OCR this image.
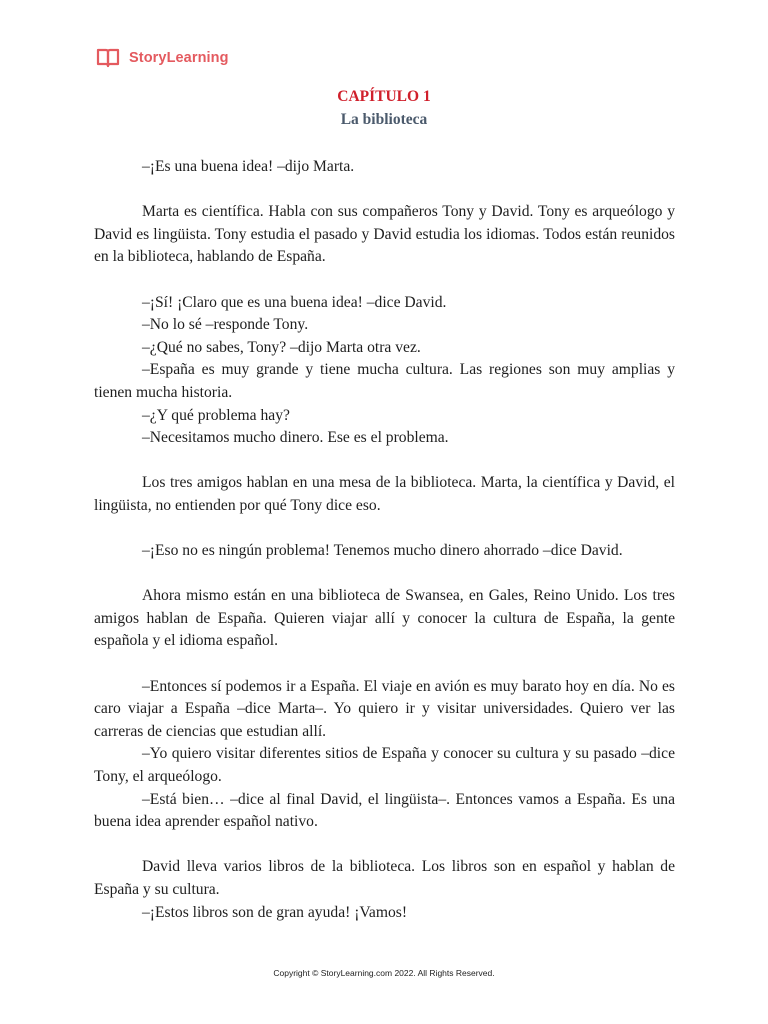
StoryLearning
CAPÍTULO 1
La biblioteca

–¡Es una buena idea! –dijo Marta.

Marta es científica. Habla con sus compañeros Tony y David. Tony es arqueólogo y David es lingüista. Tony estudia el pasado y David estudia los idiomas. Todos están reunidos en la biblioteca, hablando de España.

–¡Sí! ¡Claro que es una buena idea! –dice David.

–No lo sé –responde Tony.

–¿Qué no sabes, Tony? –dijo Marta otra vez.

–España es muy grande y tiene mucha cultura. Las regiones son muy amplias y tienen mucha historia.

–¿Y qué problema hay?

–Necesitamos mucho dinero. Ese es el problema.

Los tres amigos hablan en una mesa de la biblioteca. Marta, la científica y David, el lingüista, no entienden por qué Tony dice eso.

–¡Eso no es ningún problema! Tenemos mucho dinero ahorrado –dice David.

Ahora mismo están en una biblioteca de Swansea, en Gales, Reino Unido. Los tres amigos hablan de España. Quieren viajar allí y conocer la cultura de España, la gente española y el idioma español.

–Entonces sí podemos ir a España. El viaje en avión es muy barato hoy en día. No es caro viajar a España –dice Marta–. Yo quiero ir y visitar universidades. Quiero ver las carreras de ciencias que estudian allí.

–Yo quiero visitar diferentes sitios de España y conocer su cultura y su pasado –dice Tony, el arqueólogo.

–Está bien… –dice al final David, el lingüista–. Entonces vamos a España. Es una buena idea aprender español nativo.

David lleva varios libros de la biblioteca. Los libros son en español y hablan de España y su cultura.

–¡Estos libros son de gran ayuda! ¡Vamos!

Copyright © StoryLearning.com 2022. All Rights Reserved.
